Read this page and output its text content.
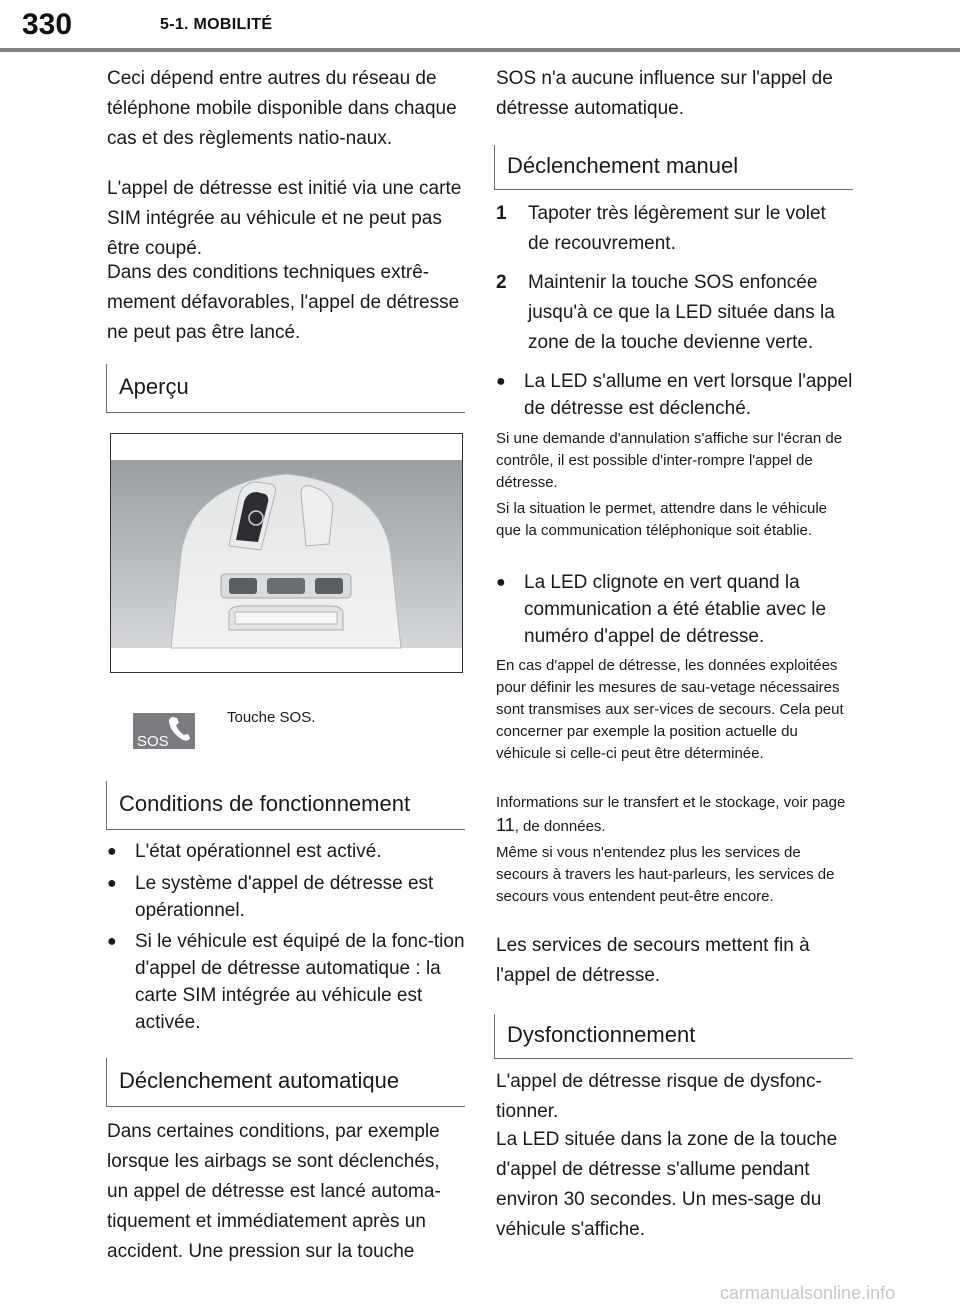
330	5-1. MOBILITÉ
Ceci dépend entre autres du réseau de téléphone mobile disponible dans chaque cas et des règlements natio-naux.
L'appel de détresse est initié via une carte SIM intégrée au véhicule et ne peut pas être coupé.
Dans des conditions techniques extrê-mement défavorables, l'appel de détresse ne peut pas être lancé.
Aperçu
SOS
Touche SOS.
Conditions de fonctionnement
● L'état opérationnel est activé.
● Le système d'appel de détresse est opérationnel.
● Si le véhicule est équipé de la fonc-tion d'appel de détresse automatique : la carte SIM intégrée au véhicule est activée.
Déclenchement automatique
Dans certaines conditions, par exemple lorsque les airbags se sont déclenchés, un appel de détresse est lancé automa-tiquement et immédiatement après un accident. Une pression sur la touche
SOS n'a aucune influence sur l'appel de détresse automatique.
Déclenchement manuel
1	Tapoter très légèrement sur le volet de recouvrement.
2	Maintenir la touche SOS enfoncée jusqu'à ce que la LED située dans la zone de la touche devienne verte.
● La LED s'allume en vert lorsque l'appel de détresse est déclenché.
Si une demande d'annulation s'affiche sur l'écran de contrôle, il est possible d'inter-rompre l'appel de détresse.
Si la situation le permet, attendre dans le véhicule que la communication téléphonique soit établie.
● La LED clignote en vert quand la communication a été établie avec le numéro d'appel de détresse.
En cas d'appel de détresse, les données exploitées pour définir les mesures de sau-vetage nécessaires sont transmises aux ser-vices de secours. Cela peut concerner par exemple la position actuelle du véhicule si celle-ci peut être déterminée.
Informations sur le transfert et le stockage, voir page 11, de données.
Même si vous n'entendez plus les services de secours à travers les haut-parleurs, les services de secours vous entendent peut-être encore.
Les services de secours mettent fin à l'appel de détresse.
Dysfonctionnement
L'appel de détresse risque de dysfonc-tionner.
La LED située dans la zone de la touche d'appel de détresse s'allume pendant environ 30 secondes. Un mes-sage du véhicule s'affiche.
carmanualsonline.info
